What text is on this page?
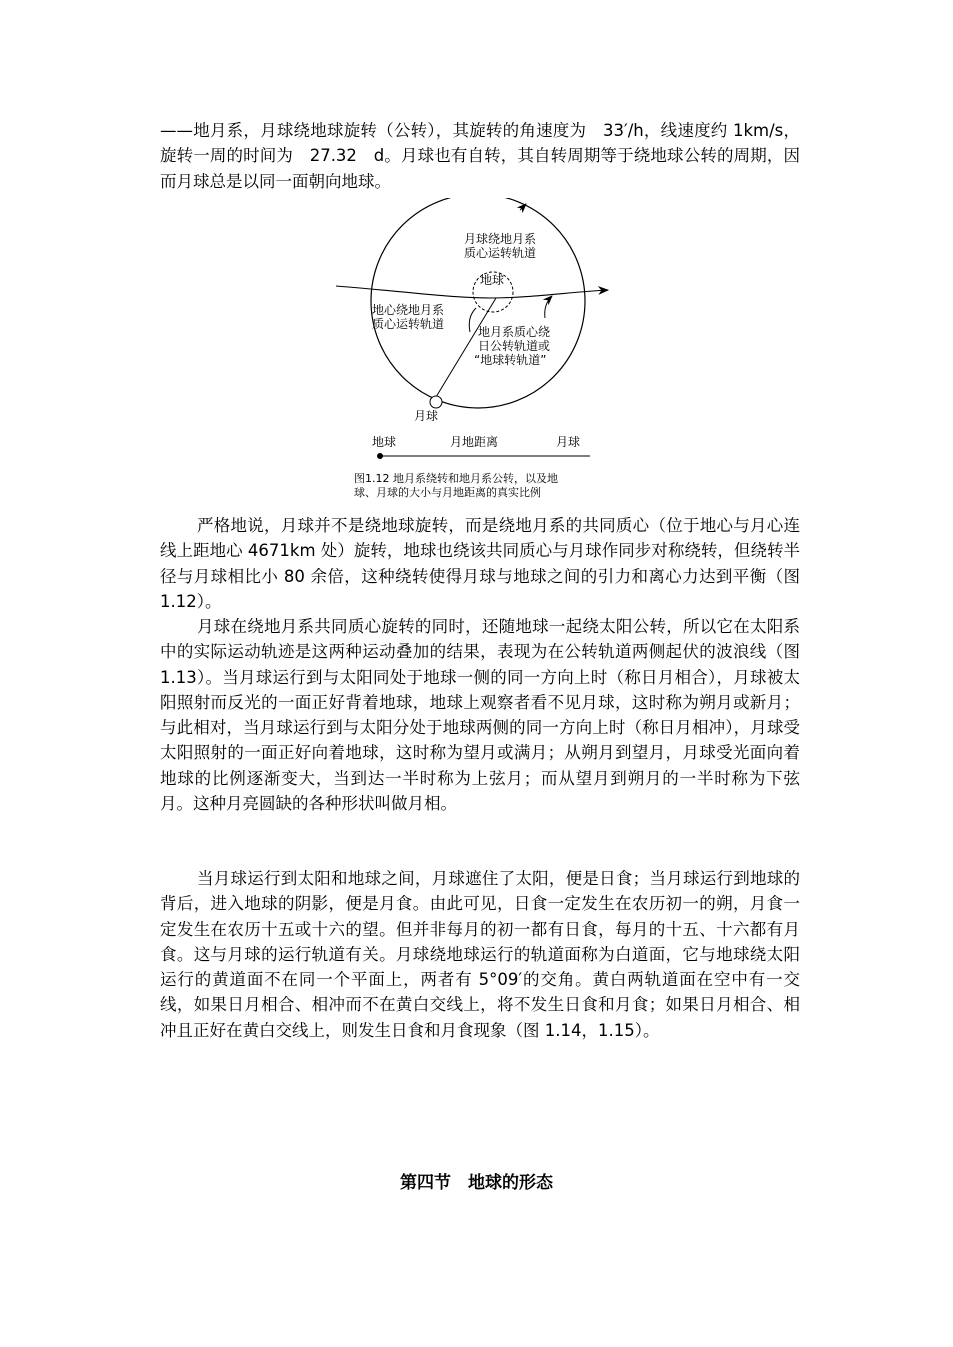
——地月系，月球绕地球旋转（公转），其旋转的角速度为　33′/h，线速度约 1km/s，旋转一周的时间为　27.32　d。月球也有自转，其自转周期等于绕地球公转的周期，因而月球总是以同一面朝向地球。

月球绕地月系
质心运转轨道
地球
地心绕地月系
质心运转轨道
地月系质心绕
日公转轨道或
“地球转轨道”
月球
地球	月地距离	月球
图1.12 地月系绕转和地月系公转，以及地
球、月球的大小与月地距离的真实比例

严格地说，月球并不是绕地球旋转，而是绕地月系的共同质心（位于地心与月心连线上距地心 4671km 处）旋转，地球也绕该共同质心与月球作同步对称绕转，但绕转半径与月球相比小 80 余倍，这种绕转使得月球与地球之间的引力和离心力达到平衡（图 1.12）。

月球在绕地月系共同质心旋转的同时，还随地球一起绕太阳公转，所以它在太阳系中的实际运动轨迹是这两种运动叠加的结果，表现为在公转轨道两侧起伏的波浪线（图 1.13）。当月球运行到与太阳同处于地球一侧的同一方向上时（称日月相合），月球被太阳照射而反光的一面正好背着地球，地球上观察者看不见月球，这时称为朔月或新月；与此相对，当月球运行到与太阳分处于地球两侧的同一方向上时（称日月相冲），月球受太阳照射的一面正好向着地球，这时称为望月或满月；从朔月到望月，月球受光面向着地球的比例逐渐变大，当到达一半时称为上弦月；而从望月到朔月的一半时称为下弦月。这种月亮圆缺的各种形状叫做月相。

当月球运行到太阳和地球之间，月球遮住了太阳，便是日食；当月球运行到地球的背后，进入地球的阴影，便是月食。由此可见，日食一定发生在农历初一的朔，月食一定发生在农历十五或十六的望。但并非每月的初一都有日食，每月的十五、十六都有月食。这与月球的运行轨道有关。月球绕地球运行的轨道面称为白道面，它与地球绕太阳运行的黄道面不在同一个平面上，两者有 5°09′的交角。黄白两轨道面在空中有一交线，如果日月相合、相冲而不在黄白交线上，将不发生日食和月食；如果日月相合、相冲且正好在黄白交线上，则发生日食和月食现象（图 1.14，1.15）。

第四节　地球的形态
